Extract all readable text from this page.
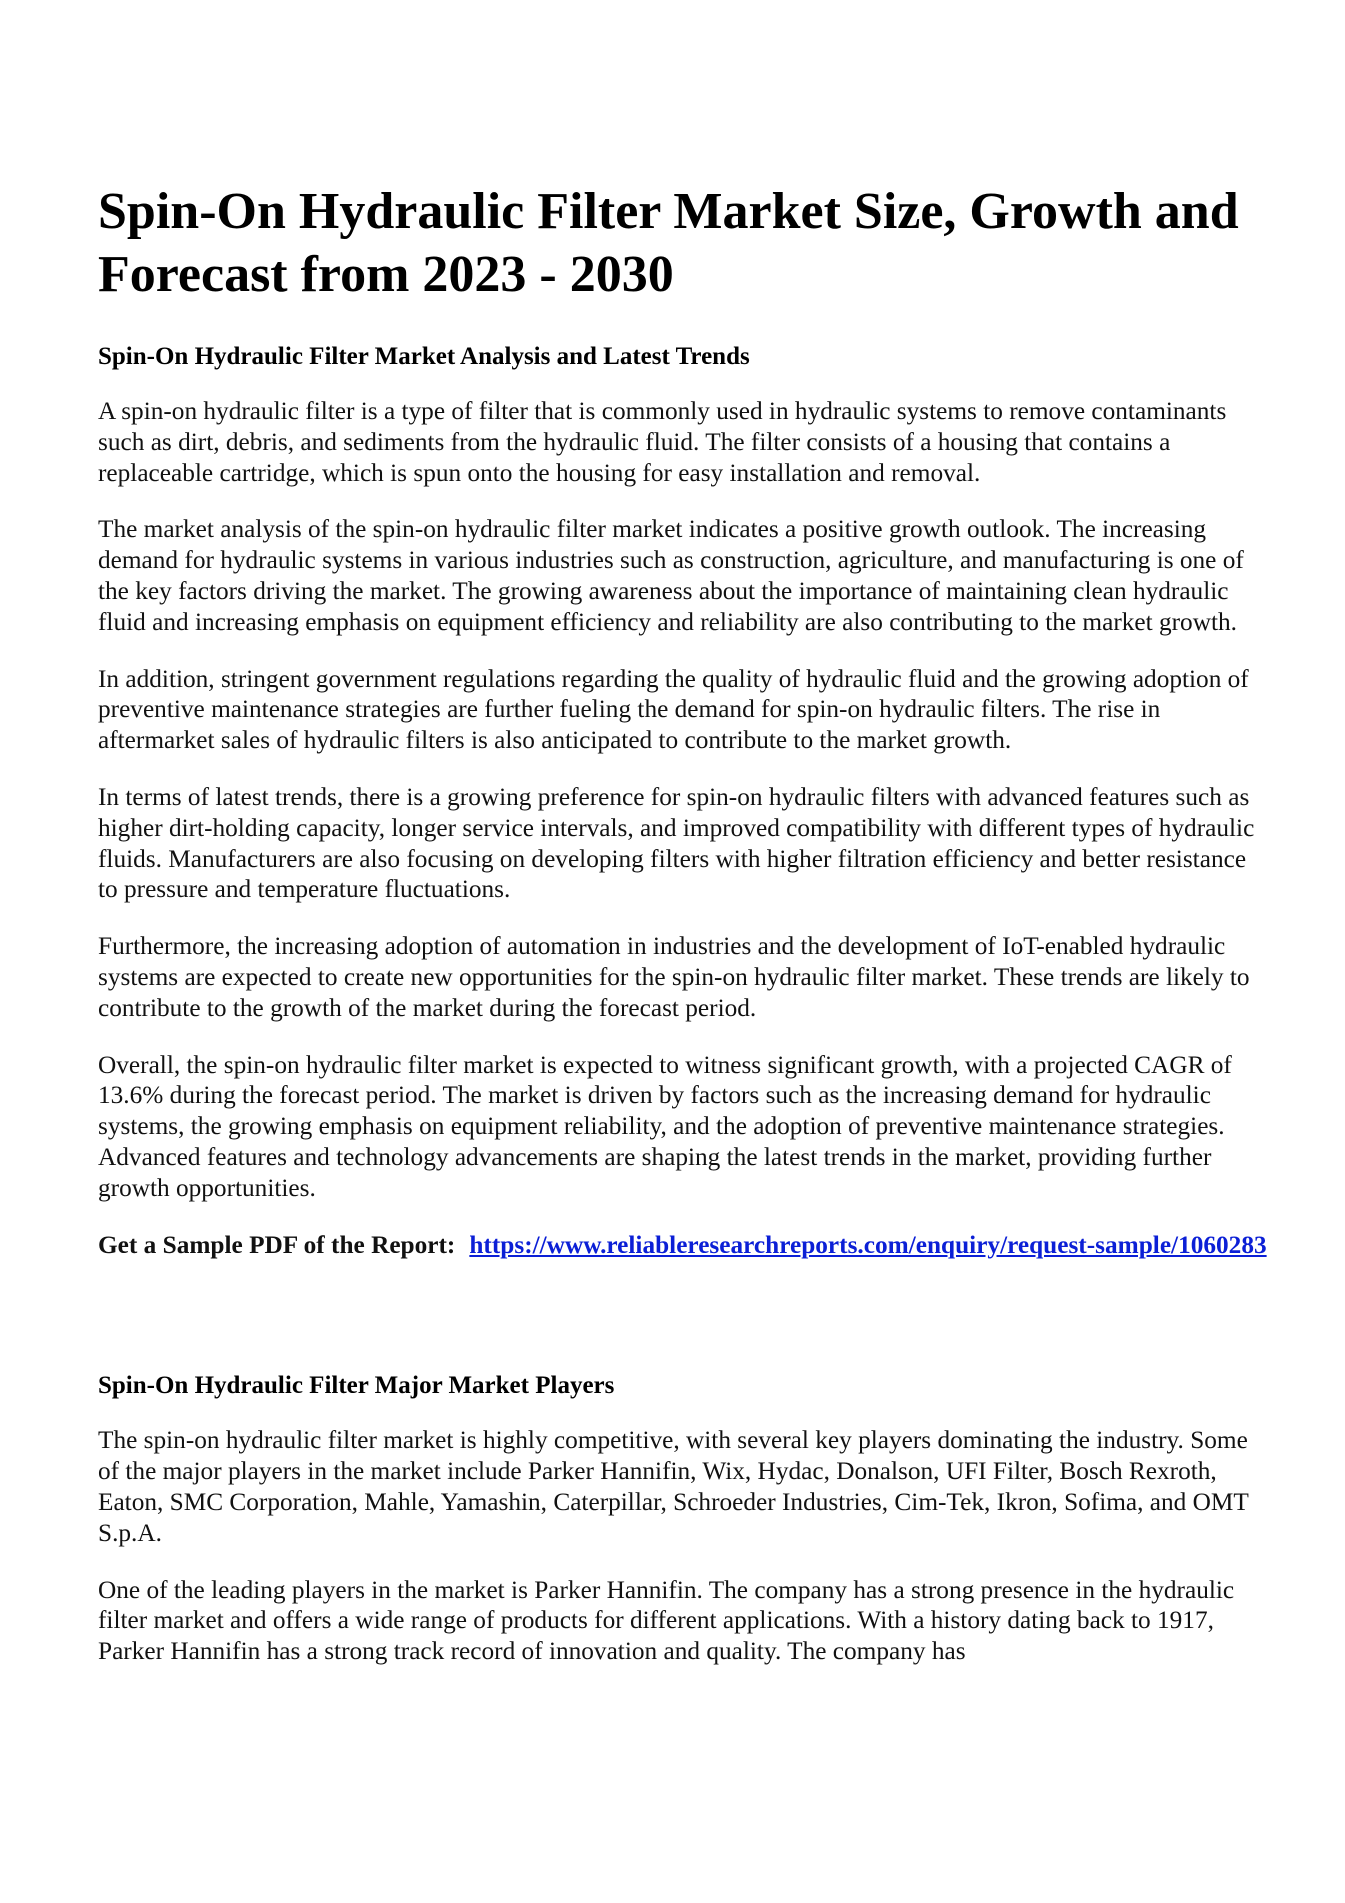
Spin-On Hydraulic Filter Market Size, Growth and Forecast from 2023 - 2030
Spin-On Hydraulic Filter Market Analysis and Latest Trends

A spin-on hydraulic filter is a type of filter that is commonly used in hydraulic systems to remove contaminants such as dirt, debris, and sediments from the hydraulic fluid. The filter consists of a housing that contains a replaceable cartridge, which is spun onto the housing for easy installation and removal.

The market analysis of the spin-on hydraulic filter market indicates a positive growth outlook. The increasing demand for hydraulic systems in various industries such as construction, agriculture, and manufacturing is one of the key factors driving the market. The growing awareness about the importance of maintaining clean hydraulic fluid and increasing emphasis on equipment efficiency and reliability are also contributing to the market growth.

In addition, stringent government regulations regarding the quality of hydraulic fluid and the growing adoption of preventive maintenance strategies are further fueling the demand for spin-on hydraulic filters. The rise in aftermarket sales of hydraulic filters is also anticipated to contribute to the market growth.

In terms of latest trends, there is a growing preference for spin-on hydraulic filters with advanced features such as higher dirt-holding capacity, longer service intervals, and improved compatibility with different types of hydraulic fluids. Manufacturers are also focusing on developing filters with higher filtration efficiency and better resistance to pressure and temperature fluctuations.

Furthermore, the increasing adoption of automation in industries and the development of IoT-enabled hydraulic systems are expected to create new opportunities for the spin-on hydraulic filter market. These trends are likely to contribute to the growth of the market during the forecast period.

Overall, the spin-on hydraulic filter market is expected to witness significant growth, with a projected CAGR of 13.6% during the forecast period. The market is driven by factors such as the increasing demand for hydraulic systems, the growing emphasis on equipment reliability, and the adoption of preventive maintenance strategies. Advanced features and technology advancements are shaping the latest trends in the market, providing further growth opportunities.

Get a Sample PDF of the Report: https://www.reliableresearchreports.com/enquiry/request-sample/1060283

Spin-On Hydraulic Filter Major Market Players

The spin-on hydraulic filter market is highly competitive, with several key players dominating the industry. Some of the major players in the market include Parker Hannifin, Wix, Hydac, Donalson, UFI Filter, Bosch Rexroth, Eaton, SMC Corporation, Mahle, Yamashin, Caterpillar, Schroeder Industries, Cim-Tek, Ikron, Sofima, and OMT S.p.A.

One of the leading players in the market is Parker Hannifin. The company has a strong presence in the hydraulic filter market and offers a wide range of products for different applications. With a history dating back to 1917, Parker Hannifin has a strong track record of innovation and quality. The company has
